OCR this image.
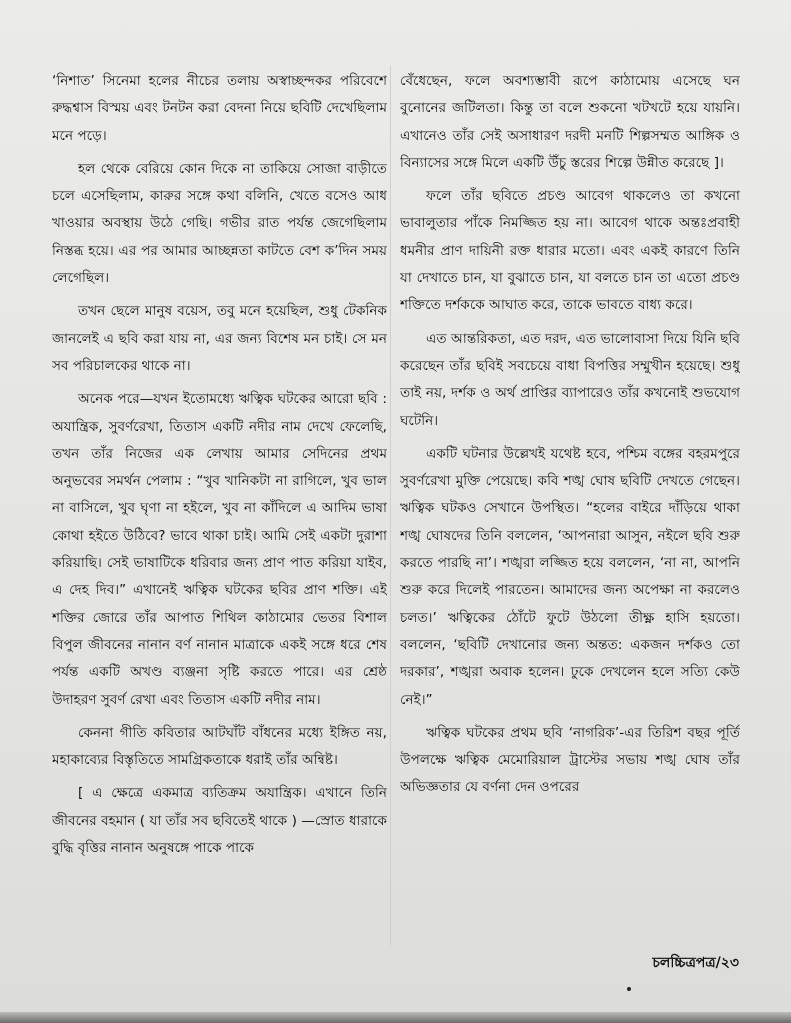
‘নিশাত’ সিনেমা হলের নীচের তলায় অস্বাচ্ছন্দকর পরিবেশে রুদ্ধশ্বাস বিস্ময় এবং টনটন করা বেদনা নিয়ে ছবিটি দেখেছিলাম মনে পড়ে।

হল থেকে বেরিয়ে কোন দিকে না তাকিয়ে সোজা বাড়ীতে চলে এসেছিলাম, কারুর সঙ্গে কথা বলিনি, খেতে বসেও আধ খাওয়ার অবস্থায় উঠে গেছি। গভীর রাত পর্যন্ত জেগেছিলাম নিস্তব্ধ হয়ে। এর পর আমার আচ্ছন্নতা কাটতে বেশ ক’দিন সময় লেগেছিল।

তখন ছেলে মানুষ বয়েস, তবু মনে হয়েছিল, শুধু টেকনিক জানলেই এ ছবি করা যায় না, এর জন্য বিশেষ মন চাই। সে মন সব পরিচালকের থাকে না।

অনেক পরে—যখন ইতোমধ্যে ঋত্বিক ঘটকের আরো ছবি : অযান্ত্রিক, সুবর্ণরেখা, তিতাস একটি নদীর নাম দেখে ফেলেছি, তখন তাঁর নিজের এক লেখায় আমার সেদিনের প্রথম অনুভবের সমর্থন পেলাম : “খুব খানিকটা না রাগিলে, খুব ভাল না বাসিলে, খুব ঘৃণা না হইলে, খুব না কাঁদিলে এ আদিম ভাষা কোথা হইতে উঠিবে? ভাবে থাকা চাই। আমি সেই একটা দুরাশা করিয়াছি। সেই ভাষাটিকে ধরিবার জন্য প্রাণ পাত করিয়া যাইব, এ দেহ দিব।” এখানেই ঋত্বিক ঘটকের ছবির প্রাণ শক্তি। এই শক্তির জোরে তাঁর আপাত শিথিল কাঠামোর ভেতর বিশাল বিপুল জীবনের নানান বর্ণ নানান মাত্রাকে একই সঙ্গে ধরে শেষ পর্যন্ত একটি অখণ্ড ব্যঞ্জনা সৃষ্টি করতে পারে। এর শ্রেষ্ঠ উদাহরণ সুবর্ণ রেখা এবং তিতাস একটি নদীর নাম।

কেননা গীতি কবিতার আটঘাঁট বাঁধনের মধ্যে ইঙ্গিত নয়, মহাকাব্যের বিস্তৃতিতে সামগ্রিকতাকে ধরাই তাঁর অন্বিষ্ট।

[ এ ক্ষেত্রে একমাত্র ব্যতিক্রম অযান্ত্রিক। এখানে তিনি জীবনের বহমান ( যা তাঁর সব ছবিতেই থাকে ) —স্রোত ধারাকে বুদ্ধি বৃত্তির নানান অনুষঙ্গে পাকে পাকে

বেঁধেছেন, ফলে অবশ্যম্ভাবী রূপে কাঠামোয় এসেছে ঘন বুনোনের জটিলতা। কিন্তু তা বলে শুকনো খটখটে হয়ে যায়নি। এখানেও তাঁর সেই অসাধারণ দরদী মনটি শিল্পসম্মত আঙ্গিক ও বিন্যাসের সঙ্গে মিলে একটি উঁচু স্তরের শিল্পে উন্নীত করেছে ]।

ফলে তাঁর ছবিতে প্রচণ্ড আবেগ থাকলেও তা কখনো ভাবালুতার পাঁকে নিমজ্জিত হয় না। আবেগ থাকে অন্তঃপ্রবাহী ধমনীর প্রাণ দায়িনী রক্ত ধারার মতো। এবং একই কারণে তিনি যা দেখাতে চান, যা বুঝাতে চান, যা বলতে চান তা এতো প্রচণ্ড শক্তিতে দর্শককে আঘাত করে, তাকে ভাবতে বাধ্য করে।

এত আন্তরিকতা, এত দরদ, এত ভালোবাসা দিয়ে যিনি ছবি করেছেন তাঁর ছবিই সবচেয়ে বাধা বিপত্তির সম্মুখীন হয়েছে। শুধু তাই নয়, দর্শক ও অর্থ প্রাপ্তির ব্যাপারেও তাঁর কখনোই শুভযোগ ঘটেনি।

একটি ঘটনার উল্লেখই যথেষ্ট হবে, পশ্চিম বঙ্গের বহরমপুরে সুবর্ণরেখা মুক্তি পেয়েছে। কবি শঙ্খ ঘোষ ছবিটি দেখতে গেছেন। ঋত্বিক ঘটকও সেখানে উপস্থিত। “হলের বাইরে দাঁড়িয়ে থাকা শঙ্খ ঘোষদের তিনি বললেন, ‘আপনারা আসুন, নইলে ছবি শুরু করতে পারছি না’। শঙ্খরা লজ্জিত হয়ে বললেন, ‘না না, আপনি শুরু করে দিলেই পারতেন। আমাদের জন্য অপেক্ষা না করলেও চলত।’ ঋত্বিকের ঠোঁটে ফুটে উঠলো তীক্ষ্ণ হাসি হয়তো। বললেন, ‘ছবিটি দেখানোর জন্য অন্তত: একজন দর্শকও তো দরকার’, শঙ্খরা অবাক হলেন। ঢুকে দেখলেন হলে সত্যি কেউ নেই।”

ঋত্বিক ঘটকের প্রথম ছবি ‘নাগরিক’-এর তিরিশ বছর পূর্তি উপলক্ষে ঋত্বিক মেমোরিয়াল ট্রাস্টের সভায় শঙ্খ ঘোষ তাঁর অভিজ্ঞতার যে বর্ণনা দেন ওপরের

চলচ্চিত্রপত্র/২৩
